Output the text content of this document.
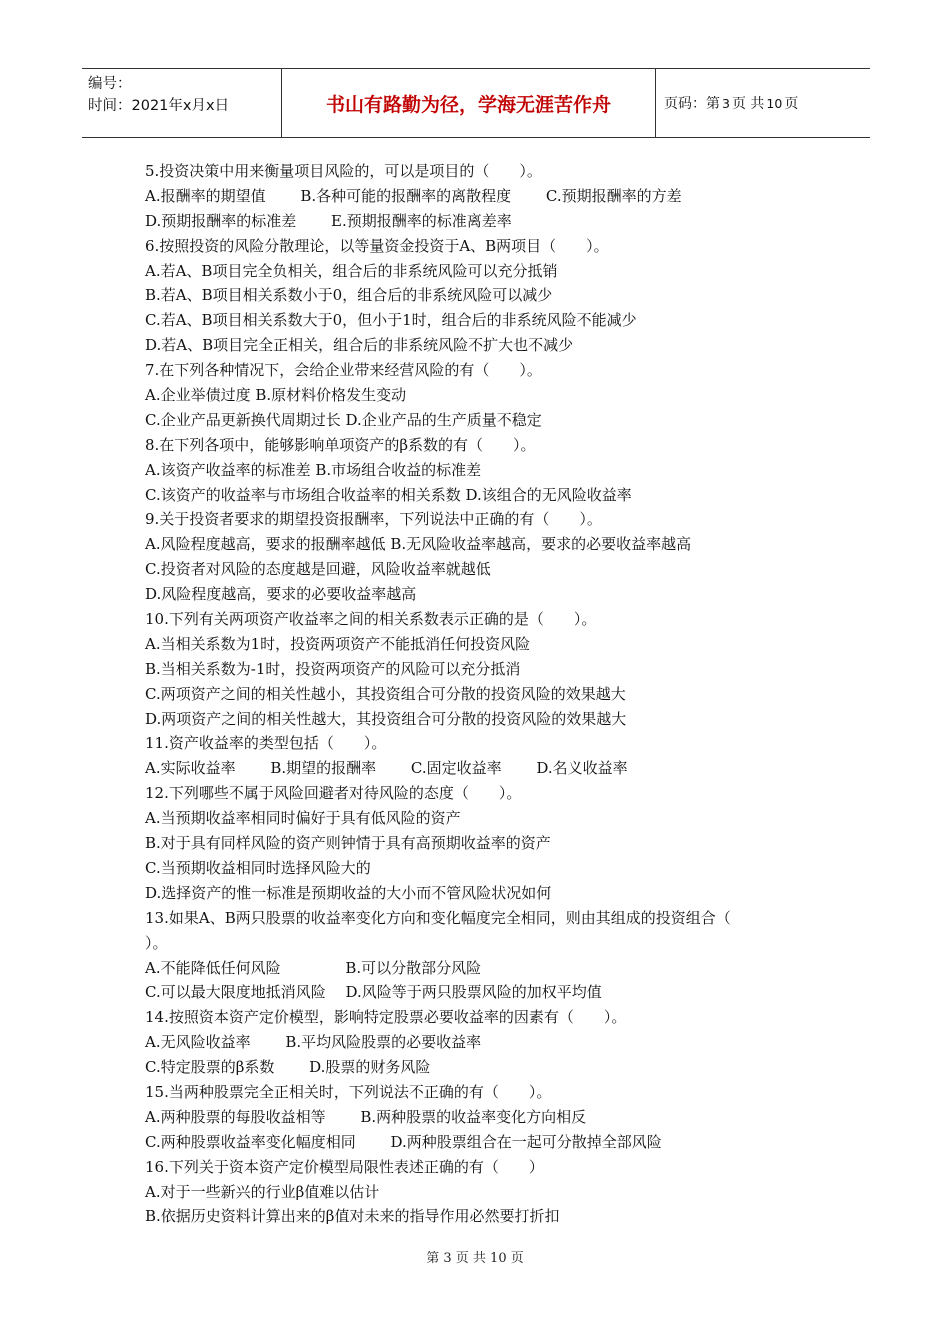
编号：
时间：2021年x月x日	书山有路勤为径，学海无涯苦作舟	页码：第 3 页 共 10 页
5.投资决策中用来衡量项目风险的，可以是项目的（　　）。
A.报酬率的期望值　　 B.各种可能的报酬率的离散程度　　 C.预期报酬率的方差
D.预期报酬率的标准差　　 E.预期报酬率的标准离差率
6.按照投资的风险分散理论，以等量资金投资于A、B两项目（　　）。
A.若A、B项目完全负相关，组合后的非系统风险可以充分抵销
B.若A、B项目相关系数小于0，组合后的非系统风险可以减少
C.若A、B项目相关系数大于0，但小于1时，组合后的非系统风险不能减少
D.若A、B项目完全正相关，组合后的非系统风险不扩大也不减少
7.在下列各种情况下，会给企业带来经营风险的有（　　）。
A.企业举债过度 B.原材料价格发生变动
C.企业产品更新换代周期过长 D.企业产品的生产质量不稳定
8.在下列各项中，能够影响单项资产的β系数的有（　　）。
A.该资产收益率的标准差 B.市场组合收益的标准差
C.该资产的收益率与市场组合收益率的相关系数 D.该组合的无风险收益率
9.关于投资者要求的期望投资报酬率，下列说法中正确的有（　　）。
A.风险程度越高，要求的报酬率越低 B.无风险收益率越高，要求的必要收益率越高
C.投资者对风险的态度越是回避，风险收益率就越低
D.风险程度越高，要求的必要收益率越高
10.下列有关两项资产收益率之间的相关系数表示正确的是（　　）。
A.当相关系数为1时，投资两项资产不能抵消任何投资风险
B.当相关系数为-1时，投资两项资产的风险可以充分抵消
C.两项资产之间的相关性越小，其投资组合可分散的投资风险的效果越大
D.两项资产之间的相关性越大，其投资组合可分散的投资风险的效果越大
11.资产收益率的类型包括（　　）。
A.实际收益率　　 B.期望的报酬率　　 C.固定收益率　　 D.名义收益率
12.下列哪些不属于风险回避者对待风险的态度（　　）。
A.当预期收益率相同时偏好于具有低风险的资产
B.对于具有同样风险的资产则钟情于具有高预期收益率的资产
C.当预期收益相同时选择风险大的
D.选择资产的惟一标准是预期收益的大小而不管风险状况如何
13.如果A、B两只股票的收益率变化方向和变化幅度完全相同，则由其组成的投资组合（
）。
A.不能降低任何风险　　　　 B.可以分散部分风险
C.可以最大限度地抵消风险　 D.风险等于两只股票风险的加权平均值
14.按照资本资产定价模型，影响特定股票必要收益率的因素有（　　）。
A.无风险收益率　　 B.平均风险股票的必要收益率
C.特定股票的β系数　　 D.股票的财务风险
15.当两种股票完全正相关时，下列说法不正确的有（　　）。
A.两种股票的每股收益相等　　 B.两种股票的收益率变化方向相反
C.两种股票收益率变化幅度相同　　 D.两种股票组合在一起可分散掉全部风险
16.下列关于资本资产定价模型局限性表述正确的有（　　）
A.对于一些新兴的行业β值难以估计
B.依据历史资料计算出来的β值对未来的指导作用必然要打折扣
第 3 页 共 10 页
